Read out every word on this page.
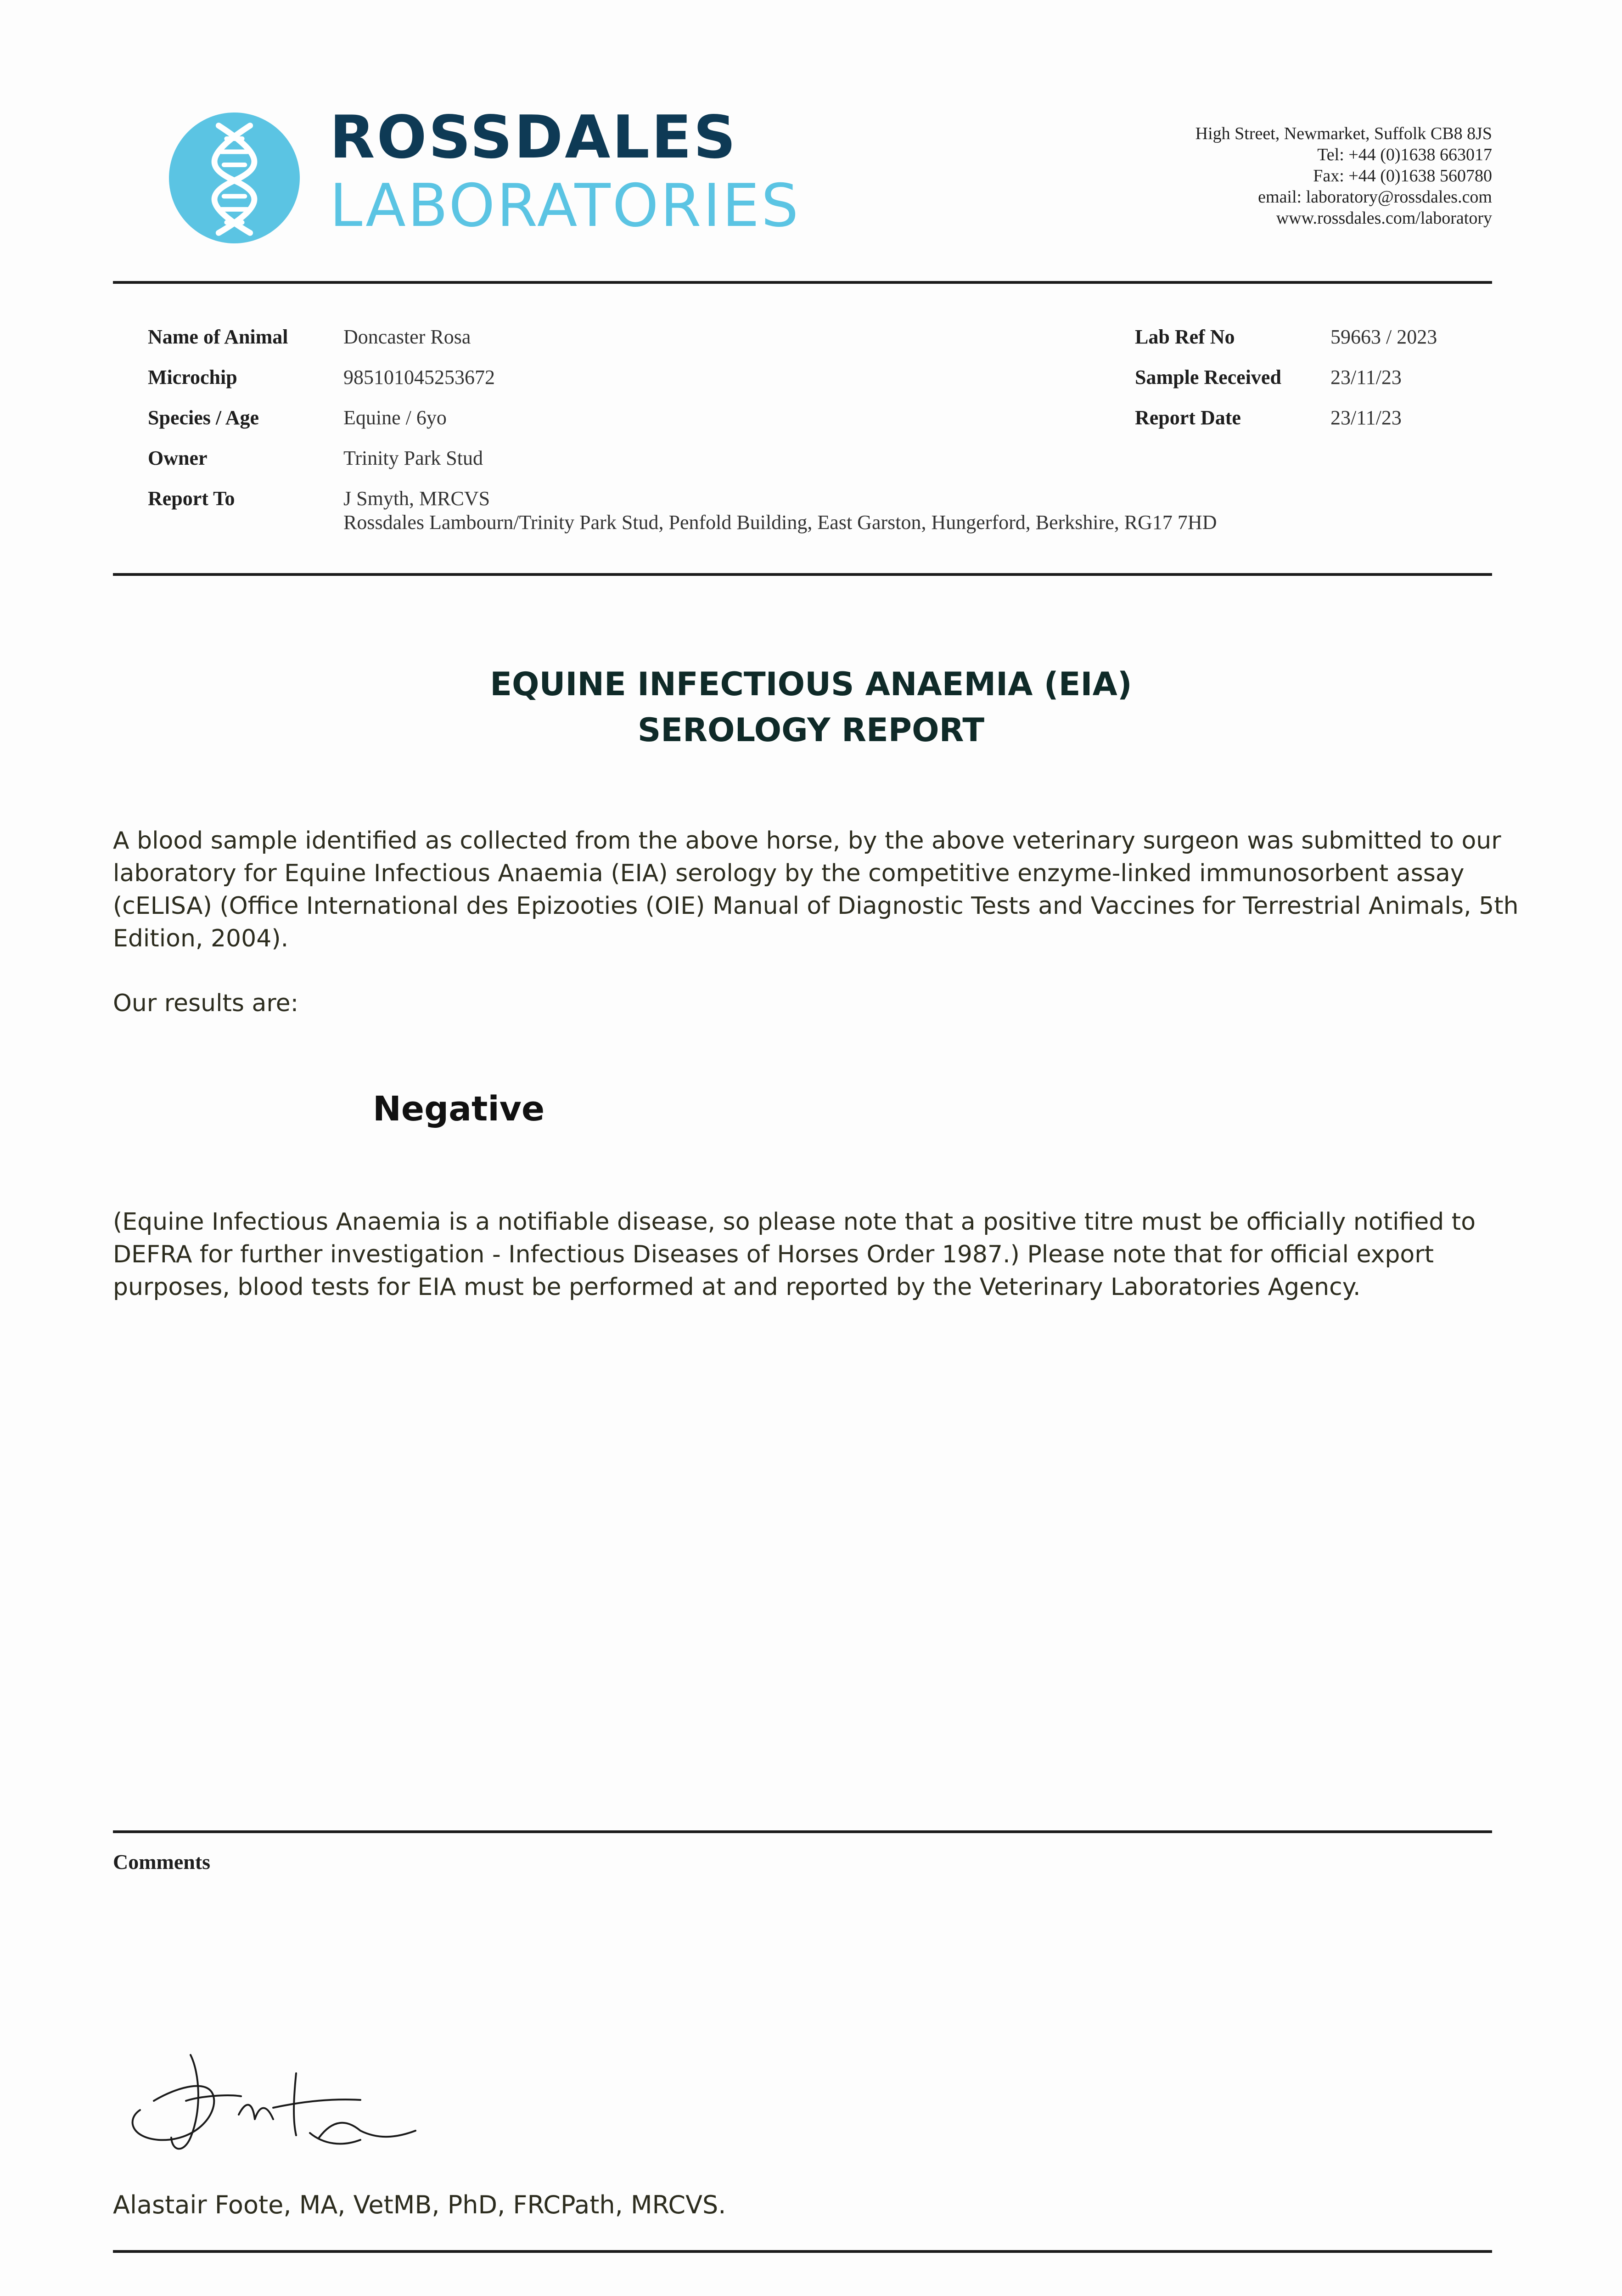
ROSSDALES
LABORATORIES
High Street, Newmarket, Suffolk CB8 8JS
Tel: +44 (0)1638 663017
Fax: +44 (0)1638 560780
email: laboratory@rossdales.com
www.rossdales.com/laboratory
Name of Animal	Doncaster Rosa
Microchip	985101045253672
Species / Age	Equine / 6yo
Owner	Trinity Park Stud
Report To	J Smyth, MRCVS
Rossdales Lambourn/Trinity Park Stud, Penfold Building, East Garston, Hungerford, Berkshire, RG17 7HD
Lab Ref No	59663 / 2023
Sample Received 23/11/23
Report Date	23/11/23
EQUINE INFECTIOUS ANAEMIA (EIA)
SEROLOGY REPORT
A blood sample identified as collected from the above horse, by the above veterinary surgeon was submitted to our
laboratory for Equine Infectious Anaemia (EIA) serology by the competitive enzyme-linked immunosorbent assay
(cELISA) (Office International des Epizooties (OIE) Manual of Diagnostic Tests and Vaccines for Terrestrial Animals, 5th
Edition, 2004).
Our results are:
Negative
(Equine Infectious Anaemia is a notifiable disease, so please note that a positive titre must be officially notified to
DEFRA for further investigation - Infectious Diseases of Horses Order 1987.) Please note that for official export
purposes, blood tests for EIA must be performed at and reported by the Veterinary Laboratories Agency.
Comments
Alastair Foote, MA, VetMB, PhD, FRCPath, MRCVS.
